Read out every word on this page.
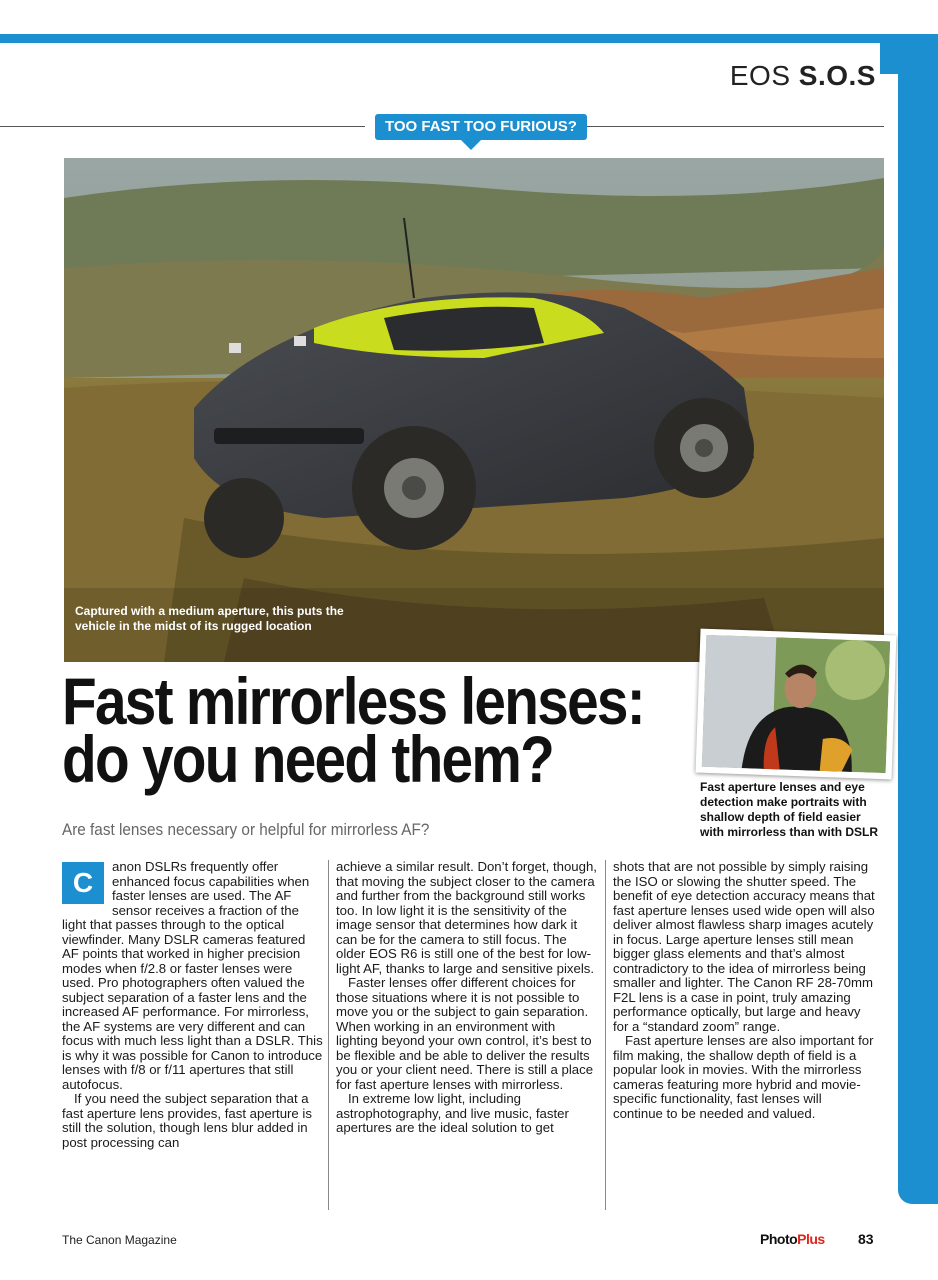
EOS S.O.S
TOO FAST TOO FURIOUS?
Captured with a medium aperture, this puts the vehicle in the midst of its rugged location
Fast aperture lenses and eye detection make portraits with shallow depth of field easier with mirrorless than with DSLR
Fast mirrorless lenses:
do you need them?
Are fast lenses necessary or helpful for mirrorless AF?
C

anon DSLRs frequently offer enhanced focus capabilities when faster lenses are used. The AF sensor receives a fraction of the light that passes through to the optical viewfinder. Many DSLR cameras featured AF points that worked in higher precision modes when f/2.8 or faster lenses were used. Pro photographers often valued the subject separation of a faster lens and the increased AF performance. For mirrorless, the AF systems are very different and can focus with much less light than a DSLR. This is why it was possible for Canon to introduce lenses with f/8 or f/11 apertures that still autofocus.

If you need the subject separation that a fast aperture lens provides, fast aperture is still the solution, though lens blur added in post processing can

achieve a similar result. Don’t forget, though, that moving the subject closer to the camera and further from the background still works too. In low light it is the sensitivity of the image sensor that determines how dark it can be for the camera to still focus. The older EOS R6 is still one of the best for low-light AF, thanks to large and sensitive pixels.

Faster lenses offer different choices for those situations where it is not possible to move you or the subject to gain separation. When working in an environment with lighting beyond your own control, it’s best to be flexible and be able to deliver the results you or your client need. There is still a place for fast aperture lenses with mirrorless.

In extreme low light, including astrophotography, and live music, faster apertures are the ideal solution to get

shots that are not possible by simply raising the ISO or slowing the shutter speed. The benefit of eye detection accuracy means that fast aperture lenses used wide open will also deliver almost flawless sharp images acutely in focus. Large aperture lenses still mean bigger glass elements and that’s almost contradictory to the idea of mirrorless being smaller and lighter. The Canon RF 28-70mm F2L lens is a case in point, truly amazing performance optically, but large and heavy for a “standard zoom” range.

Fast aperture lenses are also important for film making, the shallow depth of field is a popular look in movies. With the mirrorless cameras featuring more hybrid and movie-specific functionality, fast lenses will continue to be needed and valued.

The Canon Magazine	PhotoPlus 83
